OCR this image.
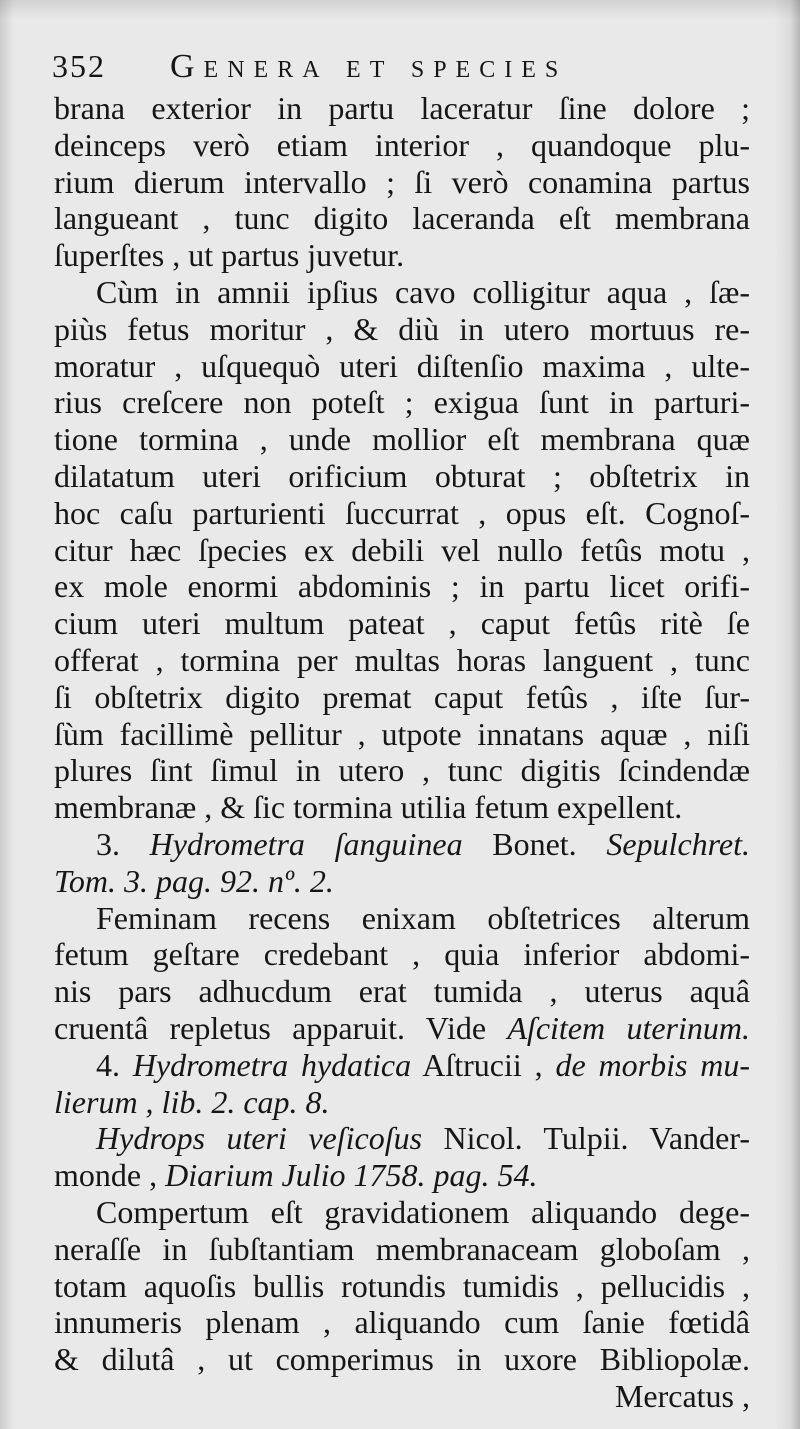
352 Genera et species
brana exterior in partu laceratur ſine dolore ;
deinceps verò etiam interior , quandoque plu-
rium dierum intervallo ; ſi verò conamina partus
langueant , tunc digito laceranda eſt membrana
ſuperſtes , ut partus juvetur.
Cùm in amnii ipſius cavo colligitur aqua , ſæ-
piùs fetus moritur , & diù in utero mortuus re-
moratur , uſquequò uteri diſtenſio maxima , ulte-
rius creſcere non poteſt ; exigua ſunt in parturi-
tione tormina , unde mollior eſt membrana quæ
dilatatum uteri orificium obturat ; obſtetrix in
hoc caſu parturienti ſuccurrat , opus eſt. Cognoſ-
citur hæc ſpecies ex debili vel nullo fetûs motu ,
ex mole enormi abdominis ; in partu licet orifi-
cium uteri multum pateat , caput fetûs ritè ſe
offerat , tormina per multas horas languent , tunc
ſi obſtetrix digito premat caput fetûs , iſte ſur-
ſùm facillimè pellitur , utpote innatans aquæ , niſi
plures ſint ſimul in utero , tunc digitis ſcindendæ
membranæ , & ſic tormina utilia fetum expellent.
3. Hydrometra ſanguinea Bonet. Sepulchret.
Tom. 3. pag. 92. nº. 2.
Feminam recens enixam obſtetrices alterum
fetum geſtare credebant , quia inferior abdomi-
nis pars adhucdum erat tumida , uterus aquâ
cruentâ repletus apparuit. Vide Aſcitem uterinum.
4. Hydrometra hydatica Aſtrucii , de morbis mu-
lierum , lib. 2. cap. 8.
Hydrops uteri veſicoſus Nicol. Tulpii. Vander-
monde , Diarium Julio 1758. pag. 54.
Compertum eſt gravidationem aliquando dege-
neraſſe in ſubſtantiam membranaceam globoſam ,
totam aquoſis bullis rotundis tumidis , pellucidis ,
innumeris plenam , aliquando cum ſanie fœtidâ
& dilutâ , ut comperimus in uxore Bibliopolæ.
Mercatus ,
